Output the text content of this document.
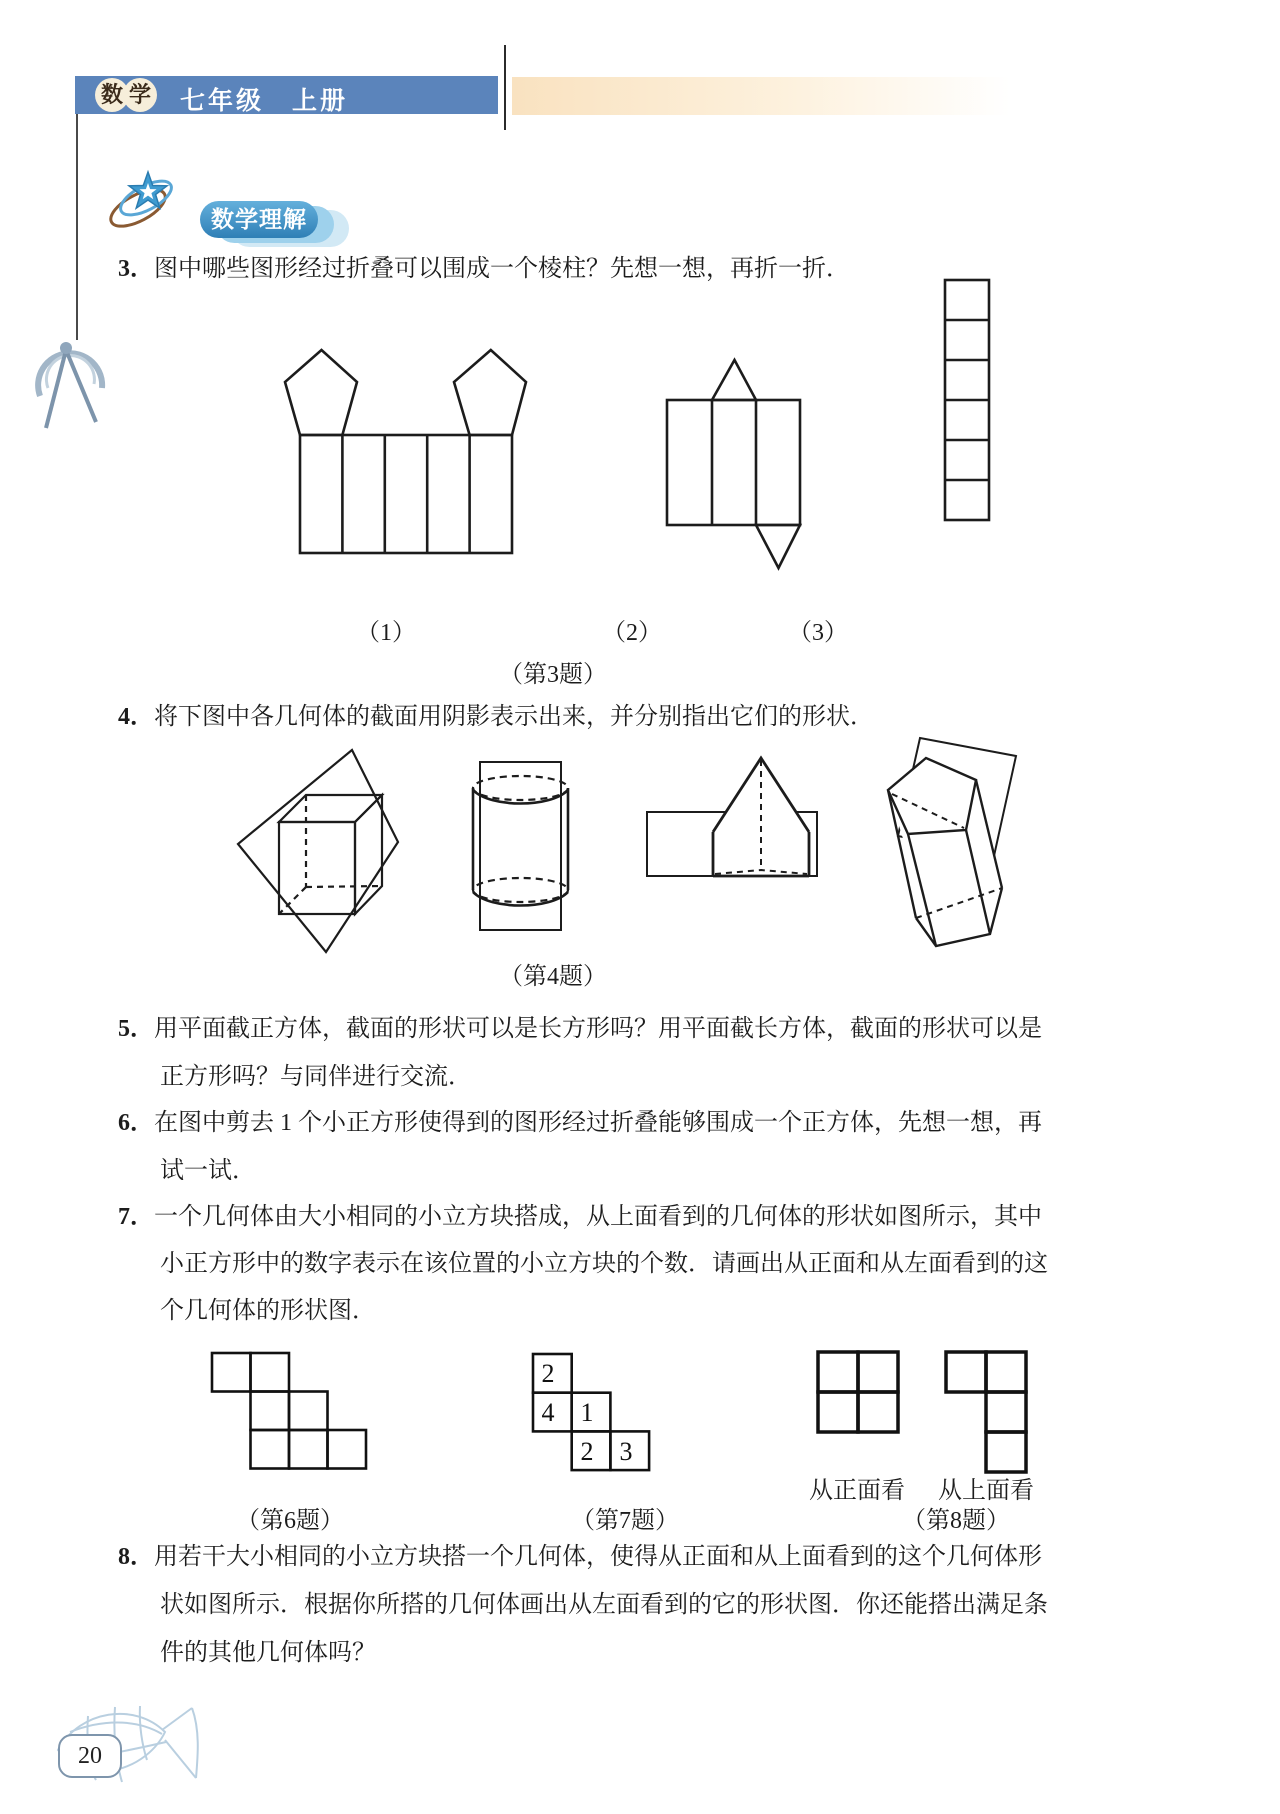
数 学 七年级　上册
数学理解
3．图中哪些图形经过折叠可以围成一个棱柱？先想一想，再折一折．
（1）	（2）	（3）
（第3题）
4．将下图中各几何体的截面用阴影表示出来，并分别指出它们的形状．
（第4题）
5．用平面截正方体，截面的形状可以是长方形吗？用平面截长方体，截面的形状可以是
正方形吗？与同伴进行交流．
6．在图中剪去 1 个小正方形使得到的图形经过折叠能够围成一个正方体，先想一想，再
试一试．
7．一个几何体由大小相同的小立方块搭成，从上面看到的几何体的形状如图所示，其中
小正方形中的数字表示在该位置的小立方块的个数．请画出从正面和从左面看到的这
个几何体的形状图．
2
4 1
2 3
从正面看 从上面看
（第6题）	（第7题）	（第8题）
8．用若干大小相同的小立方块搭一个几何体，使得从正面和从上面看到的这个几何体形
状如图所示．根据你所搭的几何体画出从左面看到的它的形状图．你还能搭出满足条
件的其他几何体吗？
20
